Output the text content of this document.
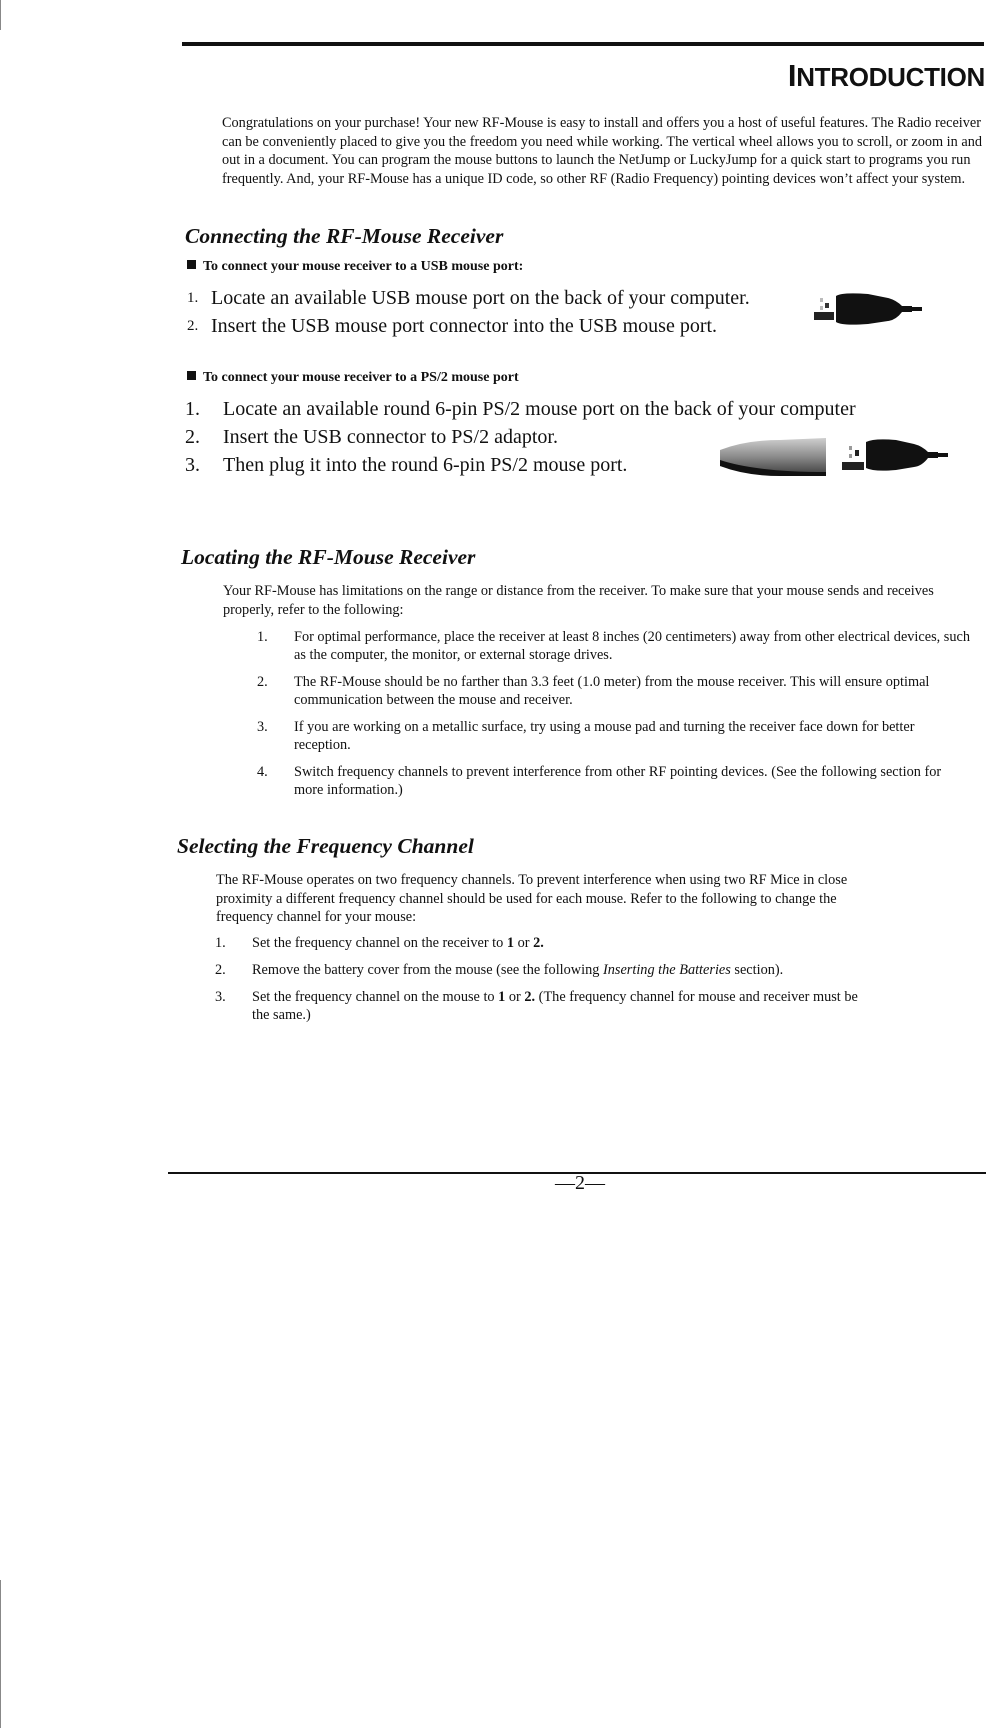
INTRODUCTION

Congratulations on your purchase! Your new RF-Mouse is easy to install and offers you a host of useful features. The Radio receiver can be conveniently placed to give you the freedom you need while working. The vertical wheel allows you to scroll, or zoom in and out in a document. You can program the mouse buttons to launch the NetJump or LuckyJump for a quick start to programs you run frequently. And, your RF-Mouse has a unique ID code, so other RF (Radio Frequency) pointing devices won’t affect your system.

Connecting the RF-Mouse Receiver

To connect your mouse receiver to a USB mouse port:

1. Locate an available USB mouse port on the back of your computer.
2. Insert the USB mouse port connector into the USB mouse port.

To connect your mouse receiver to a PS/2 mouse port

1. Locate an available round 6-pin PS/2 mouse port on the back of your computer
2. Insert the USB connector to PS/2 adaptor.
3. Then plug it into the round 6-pin PS/2 mouse port.
Locating the RF-Mouse Receiver

Your RF-Mouse has limitations on the range or distance from the receiver. To make sure that your mouse sends and receives properly, refer to the following:

1. For optimal performance, place the receiver at least 8 inches (20 centimeters) away from other electrical devices, such as the computer, the monitor, or external storage drives.
2. The RF-Mouse should be no farther than 3.3 feet (1.0 meter) from the mouse receiver. This will ensure optimal communication between the mouse and receiver.
3. If you are working on a metallic surface, try using a mouse pad and turning the receiver face down for better reception.
4. Switch frequency channels to prevent interference from other RF pointing devices. (See the following section for more information.)
Selecting the Frequency Channel

The RF-Mouse operates on two frequency channels. To prevent interference when using two RF Mice in close proximity a different frequency channel should be used for each mouse. Refer to the following to change the frequency channel for your mouse:

1. Set the frequency channel on the receiver to 1 or 2.
2. Remove the battery cover from the mouse (see the following Inserting the Batteries section).
3. Set the frequency channel on the mouse to 1 or 2. (The frequency channel for mouse and receiver must be the same.)
—2—
